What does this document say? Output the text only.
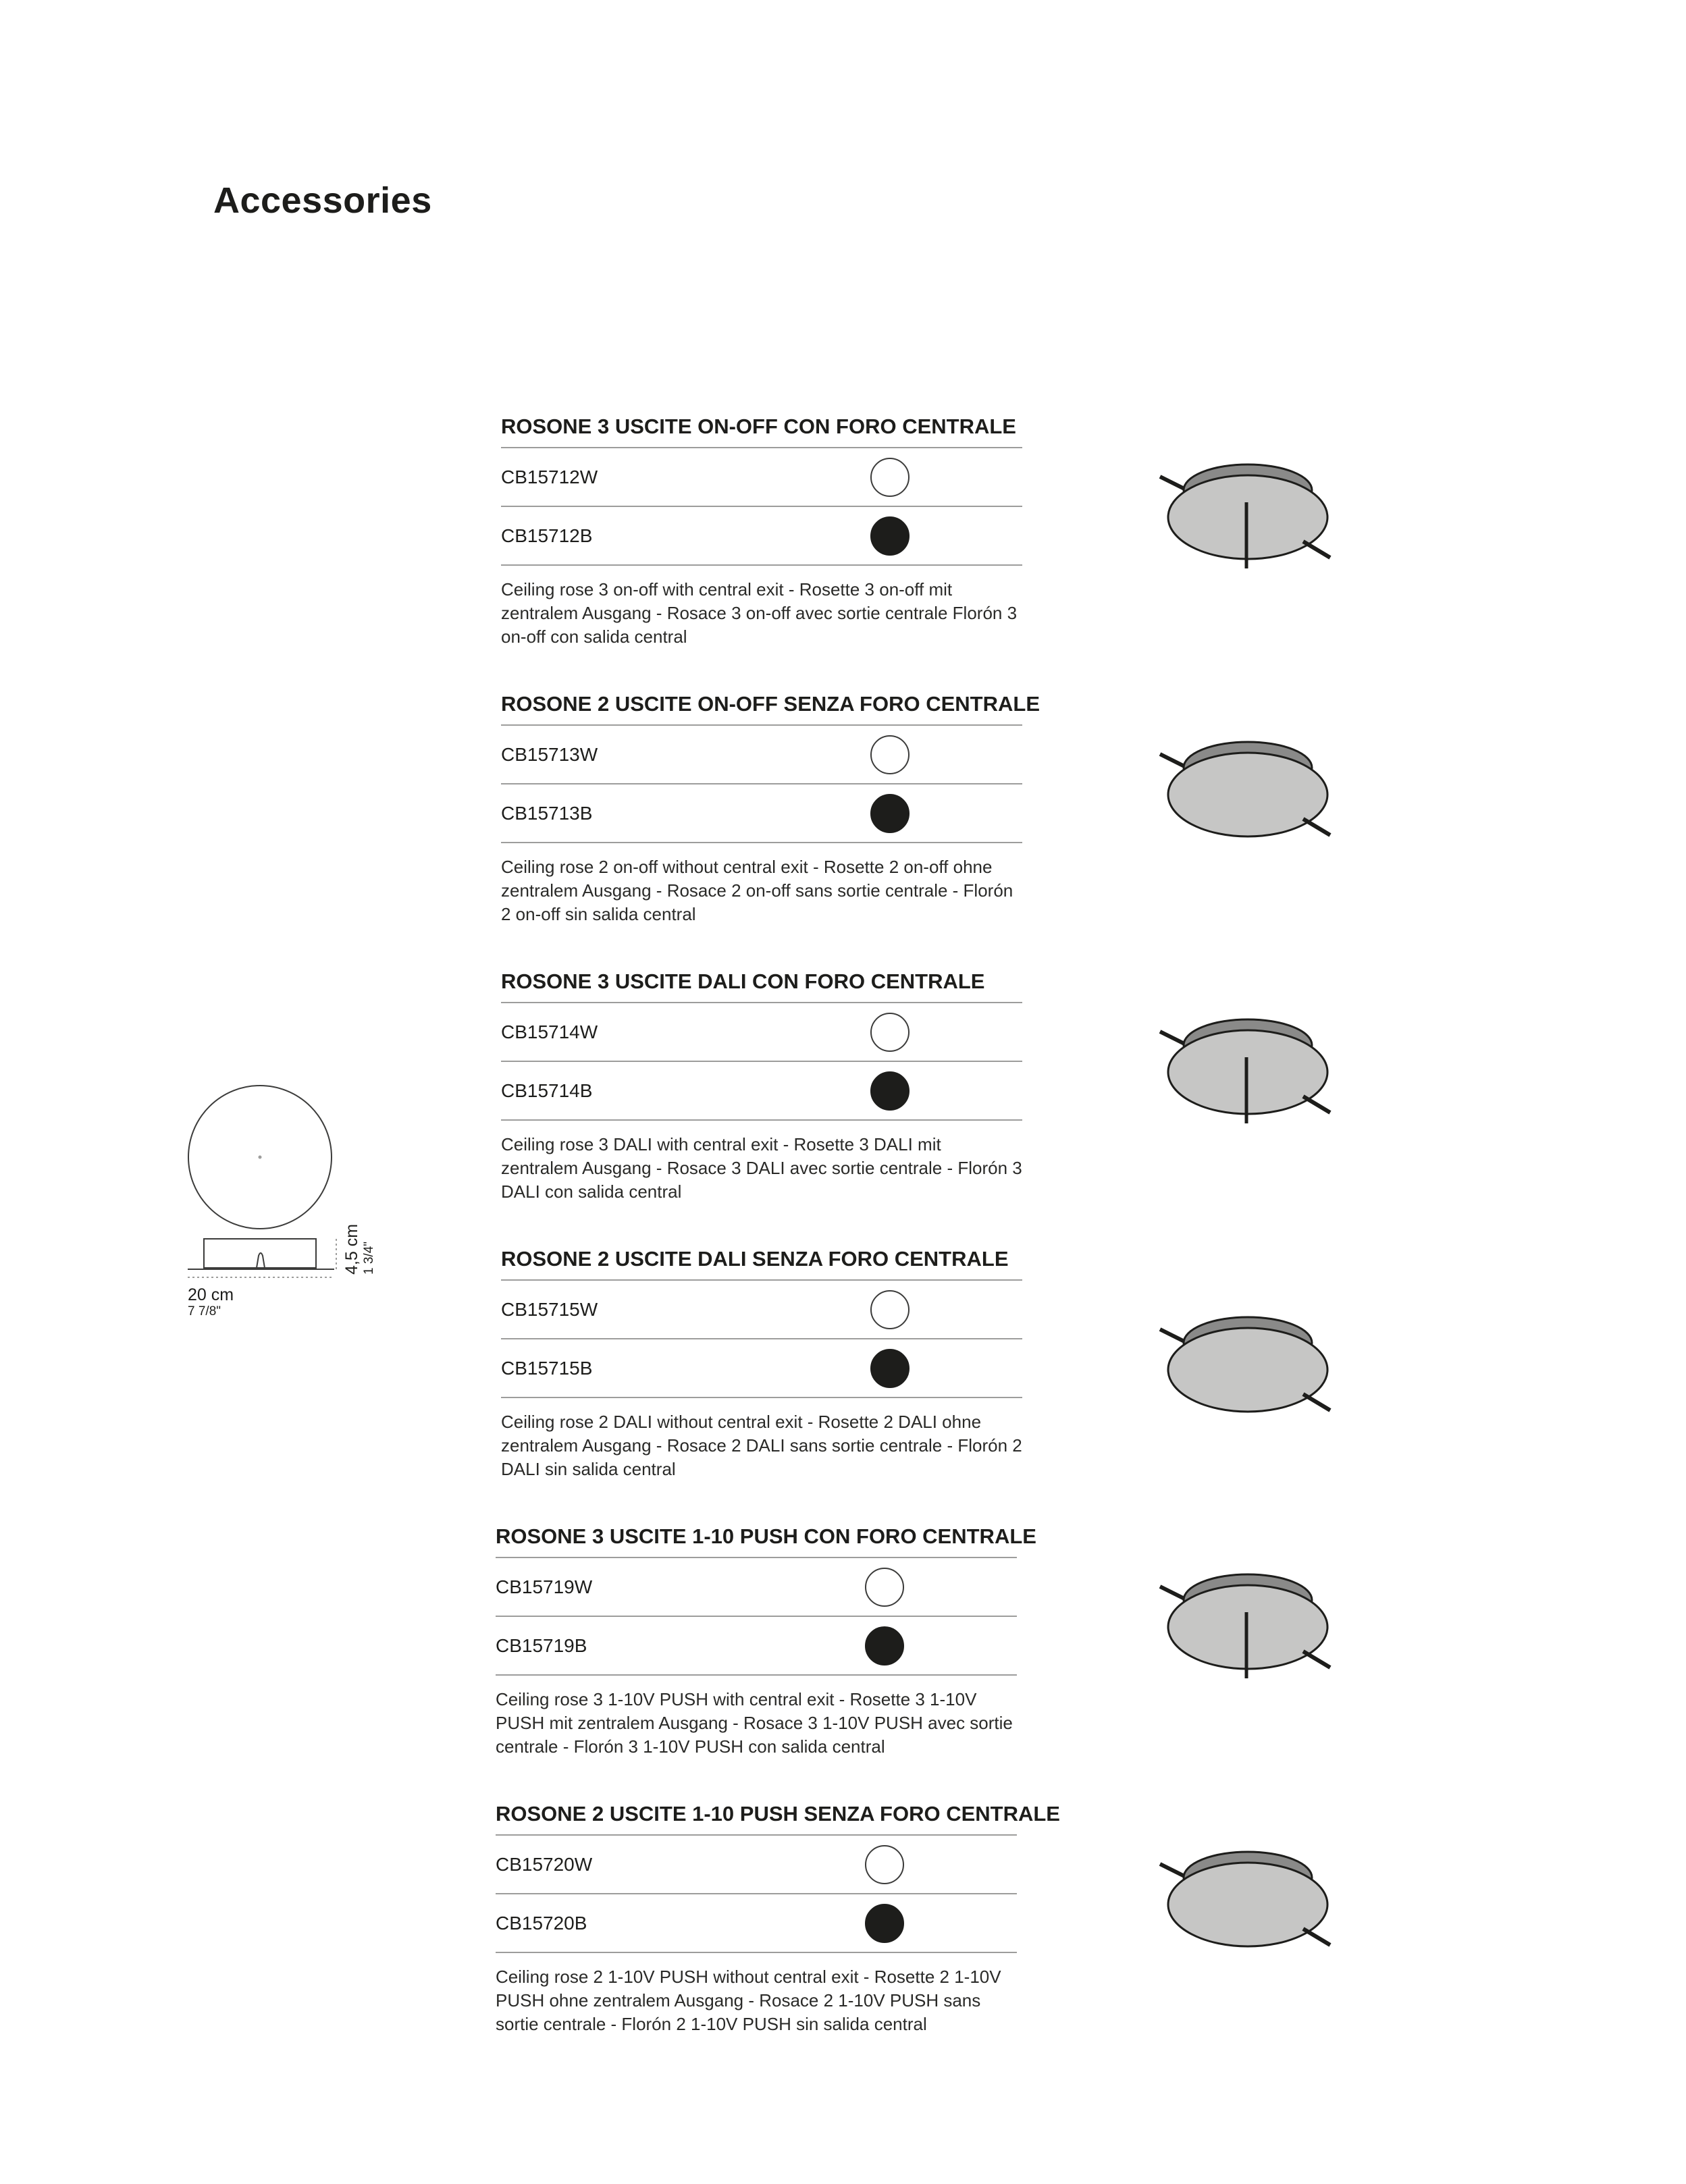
Accessories
20 cm
7 7/8"
4,5 cm 1 3/4"
ROSONE 3 USCITE ON-OFF CON FORO CENTRALE
CB15712W
CB15712B

Ceiling rose 3 on-off with central exit - Rosette 3 on-off mit zentralem Ausgang - Rosace 3 on-off avec sortie centrale Florón 3 on-off con salida central

ROSONE 2 USCITE ON-OFF SENZA FORO CENTRALE
CB15713W
CB15713B

Ceiling rose 2 on-off without central exit - Rosette 2 on-off ohne zentralem Ausgang - Rosace 2 on-off sans sortie centrale - Florón 2 on-off sin salida central

ROSONE 3 USCITE DALI CON FORO CENTRALE
CB15714W
CB15714B

Ceiling rose 3 DALI with central exit - Rosette 3 DALI mit zentralem Ausgang - Rosace 3 DALI avec sortie centrale - Florón 3 DALI con salida central

ROSONE 2 USCITE DALI SENZA FORO CENTRALE
CB15715W
CB15715B

Ceiling rose 2 DALI without central exit - Rosette 2 DALI ohne zentralem Ausgang - Rosace 2 DALI sans sortie centrale - Florón 2 DALI sin salida central

ROSONE 3 USCITE 1-10 PUSH CON FORO CENTRALE
CB15719W
CB15719B

Ceiling rose 3 1-10V PUSH with central exit - Rosette 3 1-10V PUSH mit zentralem Ausgang - Rosace 3 1-10V PUSH avec sortie centrale - Florón 3 1-10V PUSH con salida central

ROSONE 2 USCITE 1-10 PUSH SENZA FORO CENTRALE
CB15720W
CB15720B

Ceiling rose 2 1-10V PUSH without central exit - Rosette 2 1-10V PUSH ohne zentralem Ausgang - Rosace 2 1-10V PUSH sans sortie centrale - Florón 2 1-10V PUSH sin salida central
